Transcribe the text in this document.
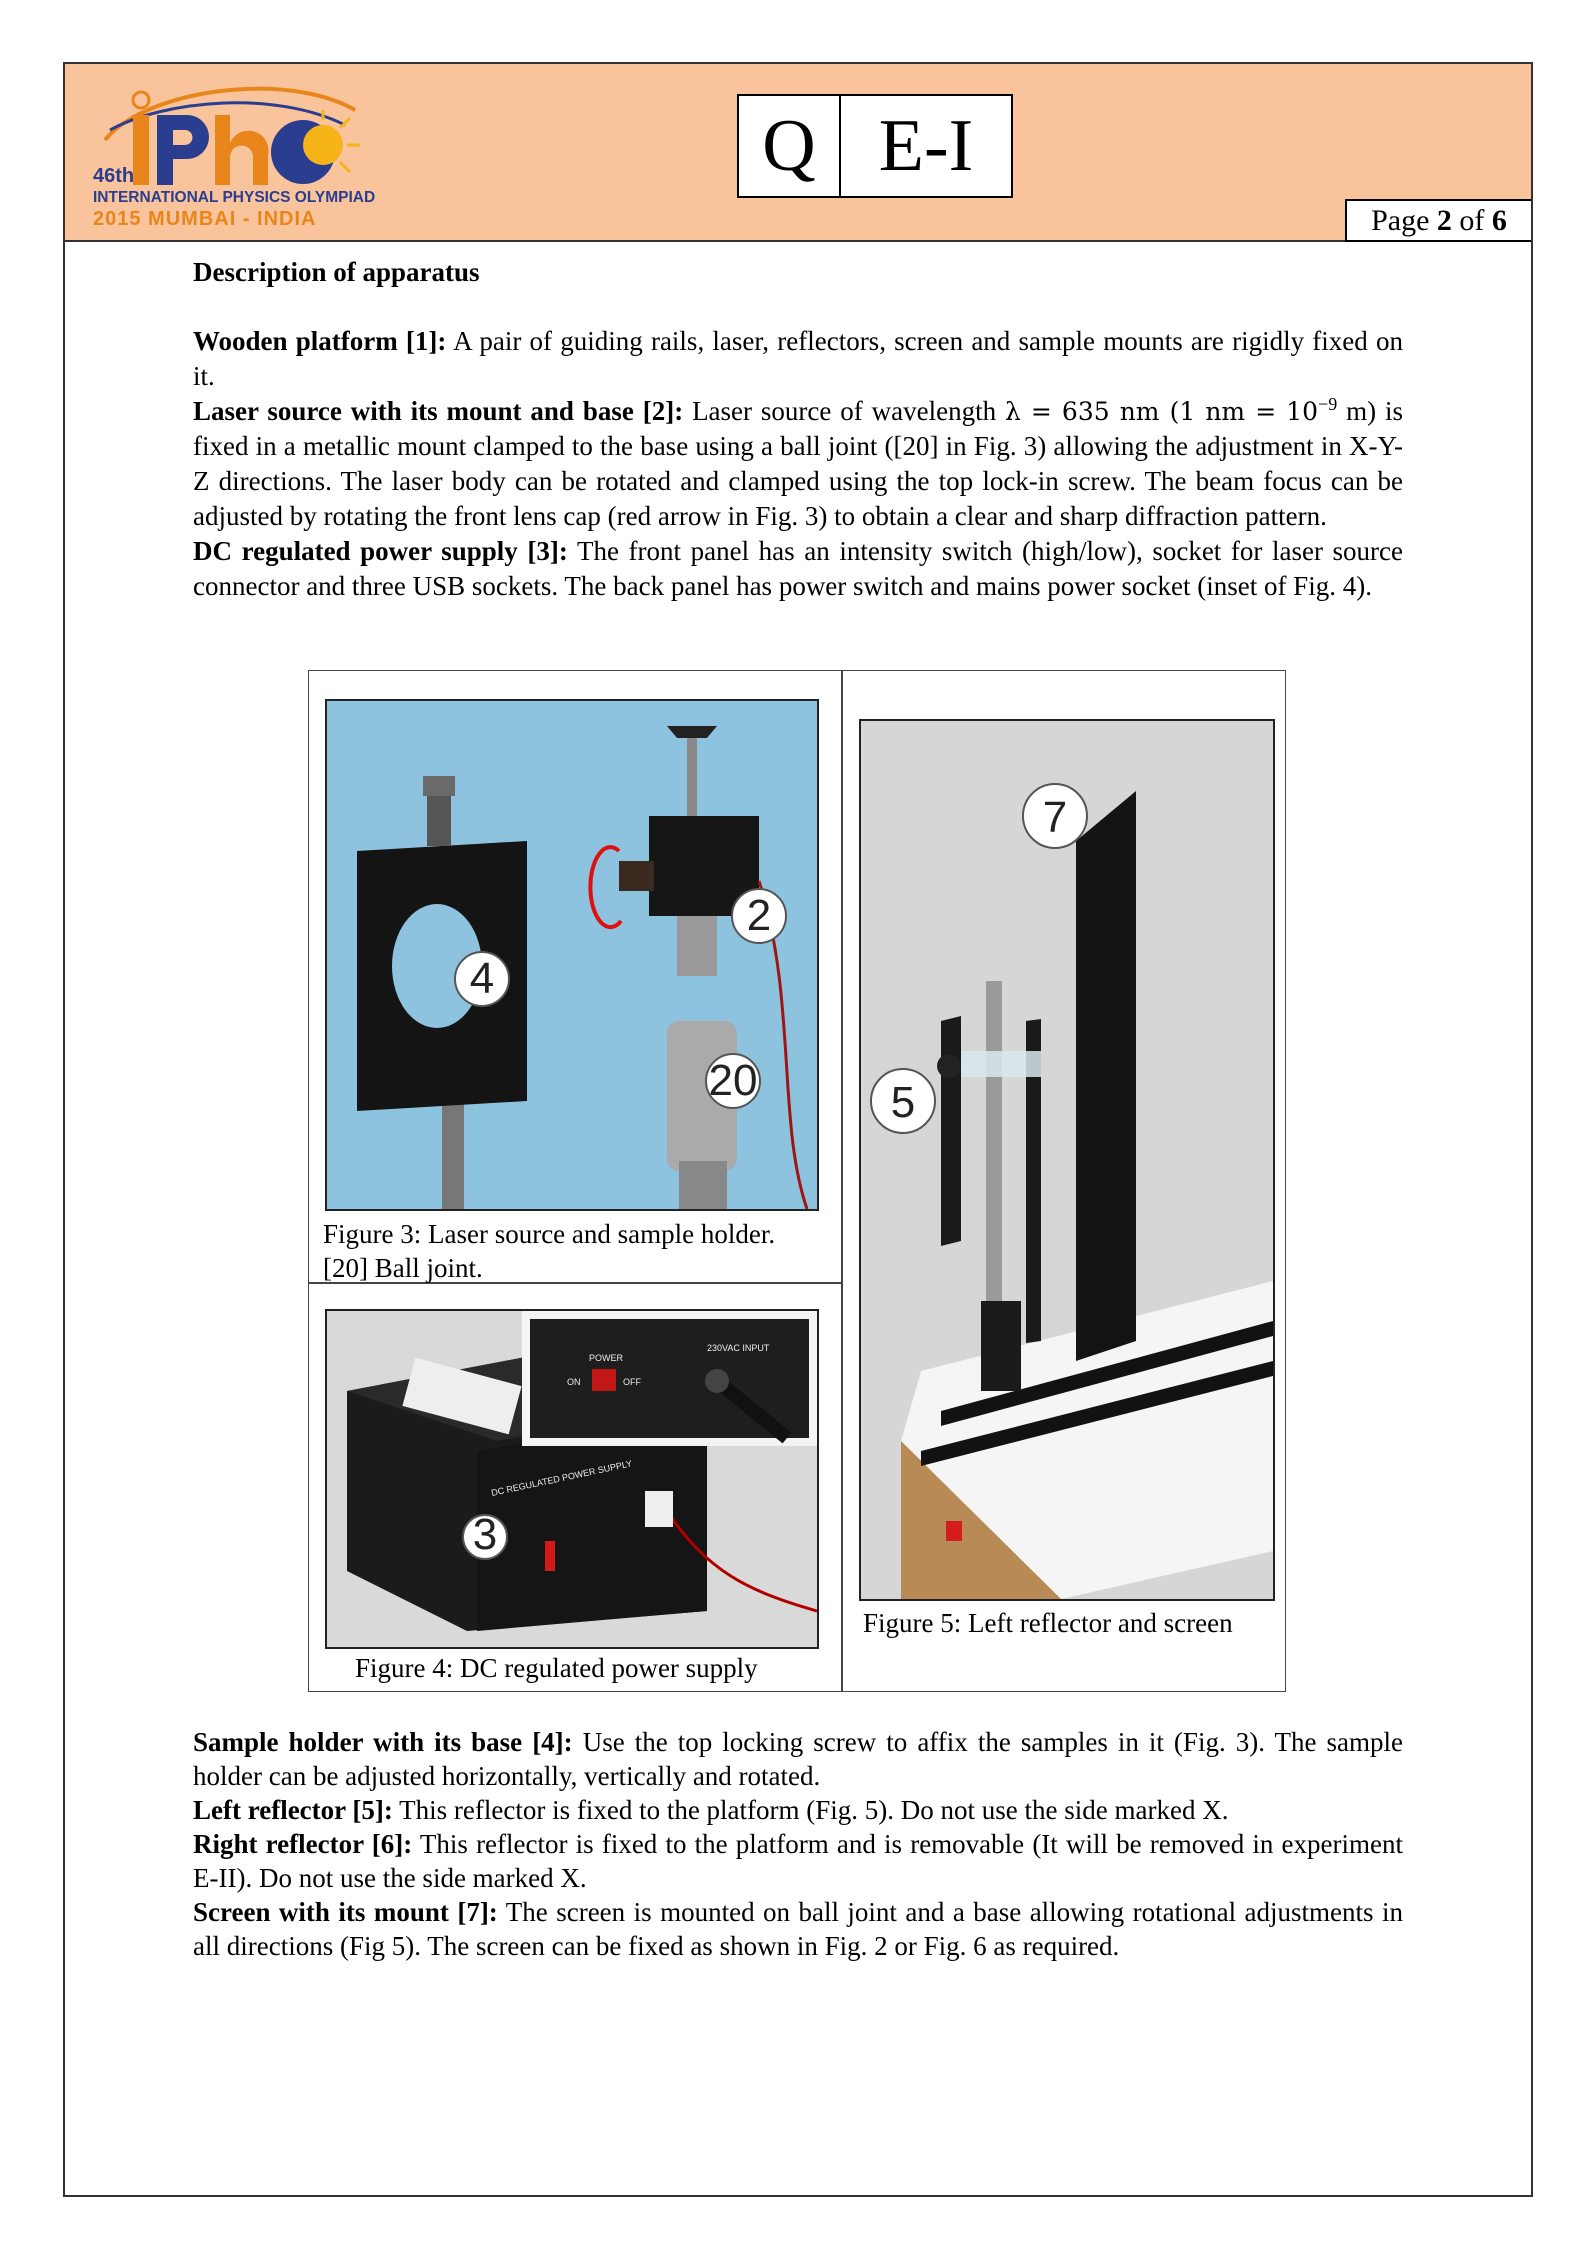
46th
INTERNATIONAL PHYSICS OLYMPIAD
2015 MUMBAI - INDIA
Q E-I
Page 2 of 6

Description of apparatus

Wooden platform [1]: A pair of guiding rails, laser, reflectors, screen and sample mounts are rigidly fixed on it.

Laser source with its mount and base [2]: Laser source of wavelength λ = 635 nm (1 nm = $10^{-9}$ m) is fixed in a metallic mount clamped to the base using a ball joint ([20] in Fig. 3) allowing the adjustment in X-Y-Z directions. The laser body can be rotated and clamped using the top lock-in screw. The beam focus can be adjusted by rotating the front lens cap (red arrow in Fig. 3) to obtain a clear and sharp diffraction pattern.

DC regulated power supply [3]: The front panel has an intensity switch (high/low), socket for laser source connector and three USB sockets. The back panel has power switch and mains power socket (inset of Fig. 4).

4
2
20
Figure 3: Laser source and sample holder.
[20] Ball joint.
DC REGULATED POWER SUPPLY
3
POWER
ON	OFF
230VAC INPUT
Figure 4: DC regulated power supply
7
5
Figure 5: Left reflector and screen

Sample holder with its base [4]: Use the top locking screw to affix the samples in it (Fig. 3). The sample holder can be adjusted horizontally, vertically and rotated.

Left reflector [5]: This reflector is fixed to the platform (Fig. 5). Do not use the side marked X.

Right reflector [6]: This reflector is fixed to the platform and is removable (It will be removed in experiment E-II). Do not use the side marked X.

Screen with its mount [7]: The screen is mounted on ball joint and a base allowing rotational adjustments in all directions (Fig 5). The screen can be fixed as shown in Fig. 2 or Fig. 6 as required.
